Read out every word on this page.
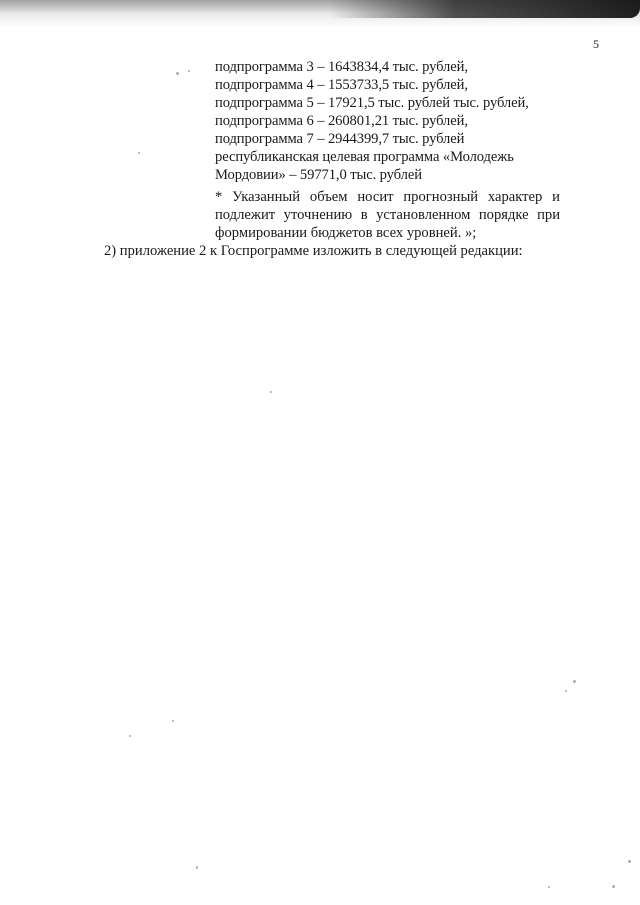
5
подпрограмма 3 – 1643834,4 тыс. рублей,
подпрограмма 4 – 1553733,5 тыс. рублей,
подпрограмма 5 – 17921,5 тыс. рублей тыс. рублей,
подпрограмма 6 – 260801,21 тыс. рублей,
подпрограмма 7 – 2944399,7 тыс. рублей
республиканская целевая программа «Молодежь
Мордовии» – 59771,0 тыс. рублей
* Указанный объем носит прогнозный характер и подлежит уточнению в установленном порядке при формировании бюджетов всех уровней. »;
2) приложение 2 к Госпрограмме изложить в следующей редакции:
